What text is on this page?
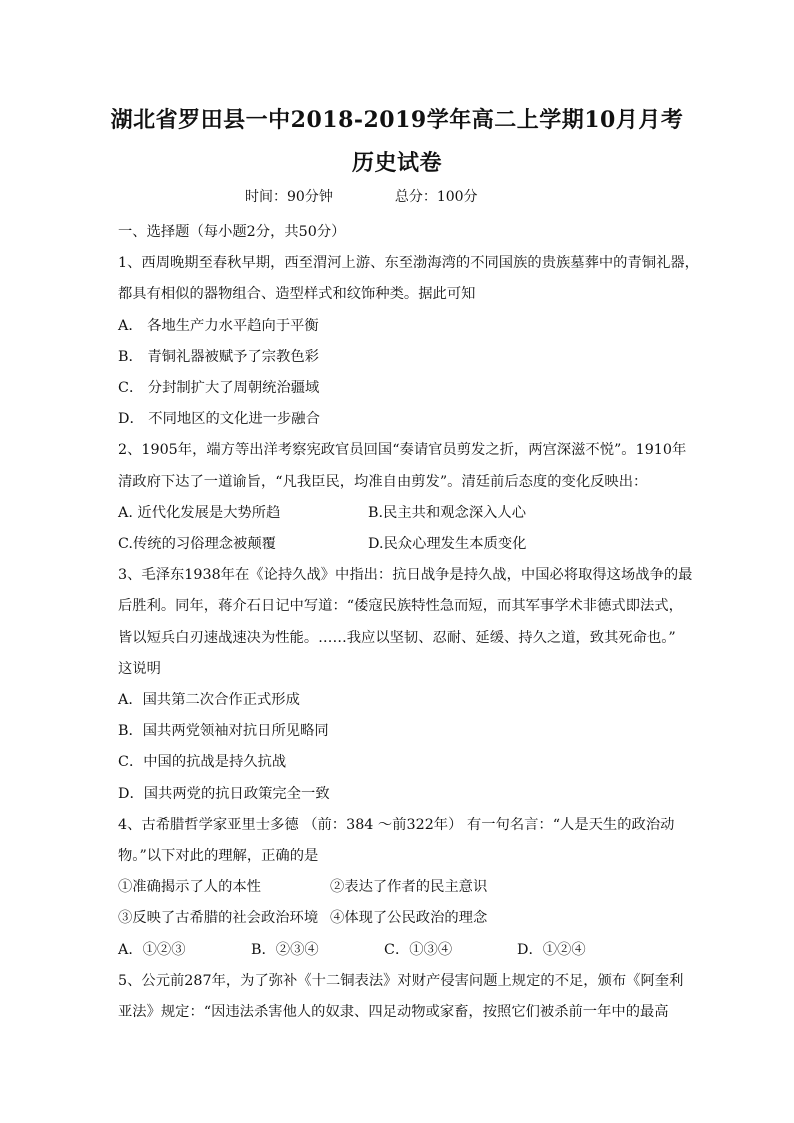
湖北省罗田县一中2018-2019学年高二上学期10月月考
历史试卷
时间：90分钟	总分：100分

一、选择题（每小题2分，共50分）

1、西周晚期至春秋早期，西至渭河上游、东至渤海湾的不同国族的贵族墓葬中的青铜礼器，

都具有相似的器物组合、造型样式和纹饰种类。据此可知

A． 各地生产力水平趋向于平衡

B． 青铜礼器被赋予了宗教色彩

C． 分封制扩大了周朝统治疆域

D． 不同地区的文化进一步融合

2、1905年，端方等出洋考察宪政官员回国“奏请官员剪发之折，两宫深滋不悦”。1910年

清政府下达了一道谕旨，“凡我臣民，均准自由剪发”。清廷前后态度的变化反映出：

A. 近代化发展是大势所趋	B.民主共和观念深入人心
C.传统的习俗理念被颠覆	D.民众心理发生本质变化

3、毛泽东1938年在《论持久战》中指出：抗日战争是持久战，中国必将取得这场战争的最

后胜利。同年，蒋介石日记中写道：“倭寇民族特性急而短，而其军事学术非德式即法式，

皆以短兵白刃速战速决为性能。……我应以坚韧、忍耐、延缓、持久之道，致其死命也。”

这说明

A．国共第二次合作正式形成

B．国共两党领袖对抗日所见略同

C．中国的抗战是持久抗战

D．国共两党的抗日政策完全一致

4、古希腊哲学家亚里士多德 （前：384 ～前322年） 有一句名言：“人是天生的政治动

物。”以下对此的理解，正确的是

①准确揭示了人的本性	②表达了作者的民主意识
③反映了古希腊的社会政治环境 ④体现了公民政治的理念
A．①②③	B．②③④	C．①③④	D．①②④

5、公元前287年，为了弥补《十二铜表法》对财产侵害问题上规定的不足，颁布《阿奎利

亚法》规定：“因违法杀害他人的奴隶、四足动物或家畜，按照它们被杀前一年中的最高
